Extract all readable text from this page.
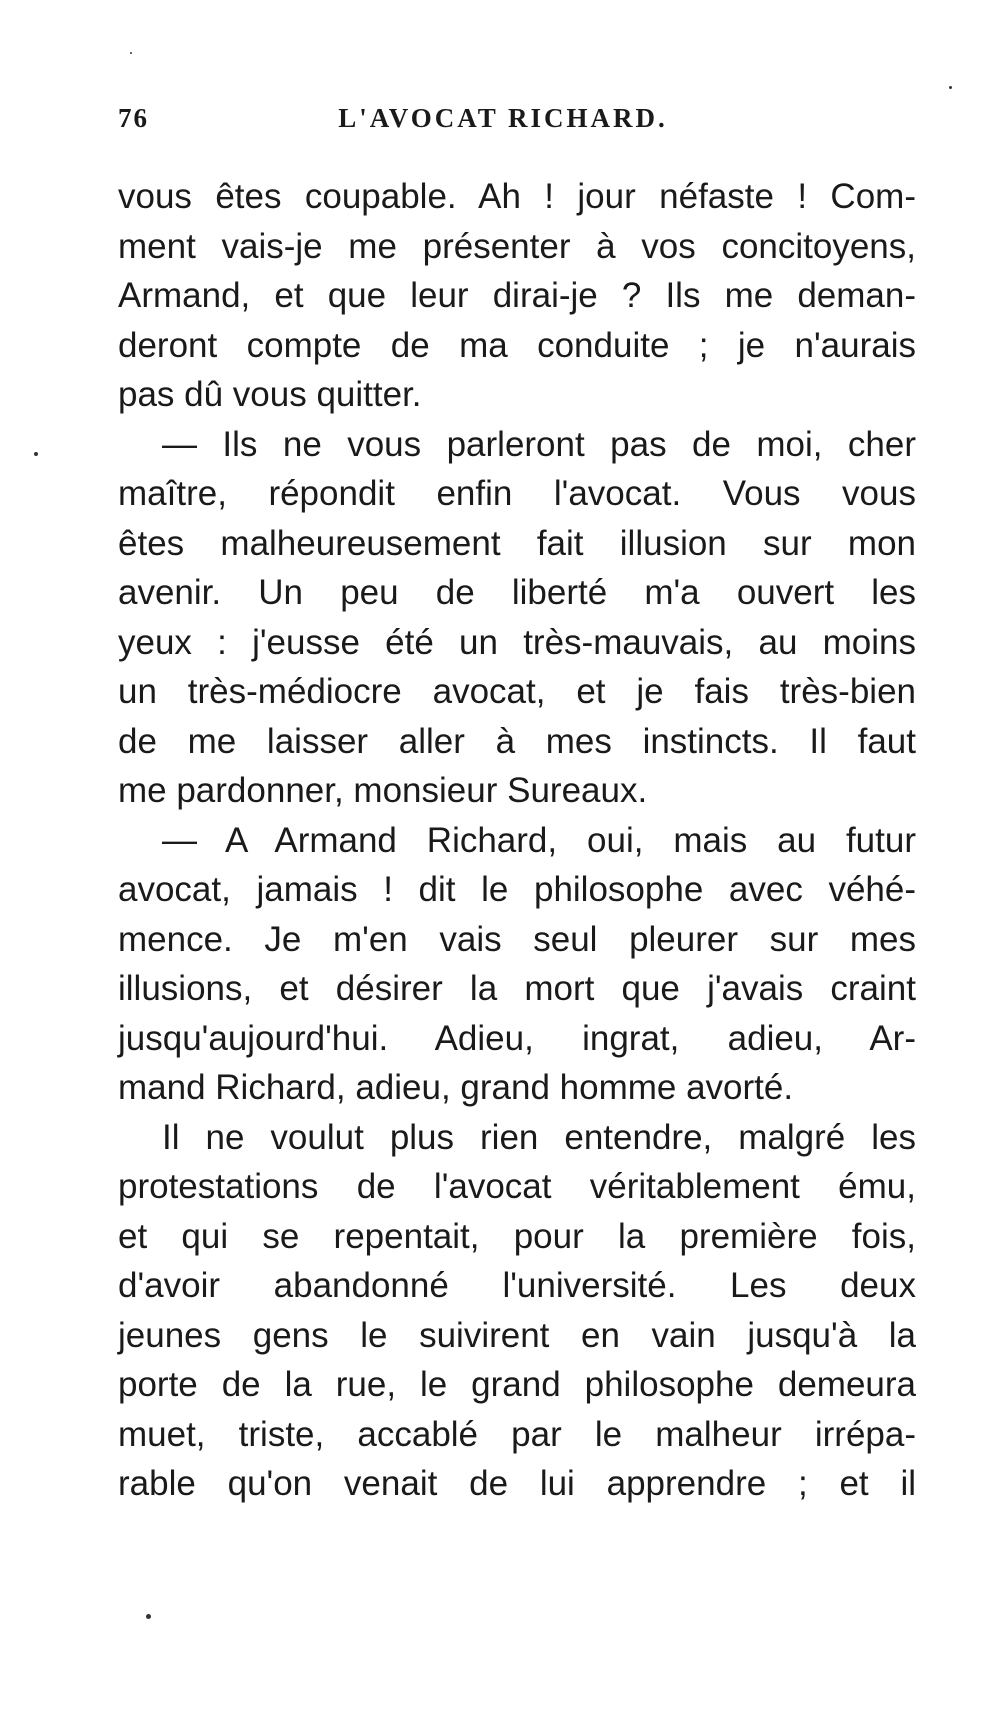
76	L'AVOCAT RICHARD.
vous êtes coupable. Ah ! jour néfaste ! Com-
ment vais-je me présenter à vos concitoyens,
Armand, et que leur dirai-je ? Ils me deman-
deront compte de ma conduite ; je n'aurais
pas dû vous quitter.
— Ils ne vous parleront pas de moi, cher
maître, répondit enfin l'avocat. Vous vous
êtes malheureusement fait illusion sur mon
avenir. Un peu de liberté m'a ouvert les
yeux : j'eusse été un très-mauvais, au moins
un très-médiocre avocat, et je fais très-bien
de me laisser aller à mes instincts. Il faut
me pardonner, monsieur Sureaux.
— A Armand Richard, oui, mais au futur
avocat, jamais ! dit le philosophe avec véhé-
mence. Je m'en vais seul pleurer sur mes
illusions, et désirer la mort que j'avais craint
jusqu'aujourd'hui. Adieu, ingrat, adieu, Ar-
mand Richard, adieu, grand homme avorté.
Il ne voulut plus rien entendre, malgré les
protestations de l'avocat véritablement ému,
et qui se repentait, pour la première fois,
d'avoir abandonné l'université. Les deux
jeunes gens le suivirent en vain jusqu'à la
porte de la rue, le grand philosophe demeura
muet, triste, accablé par le malheur irrépa-
rable qu'on venait de lui apprendre ; et il
